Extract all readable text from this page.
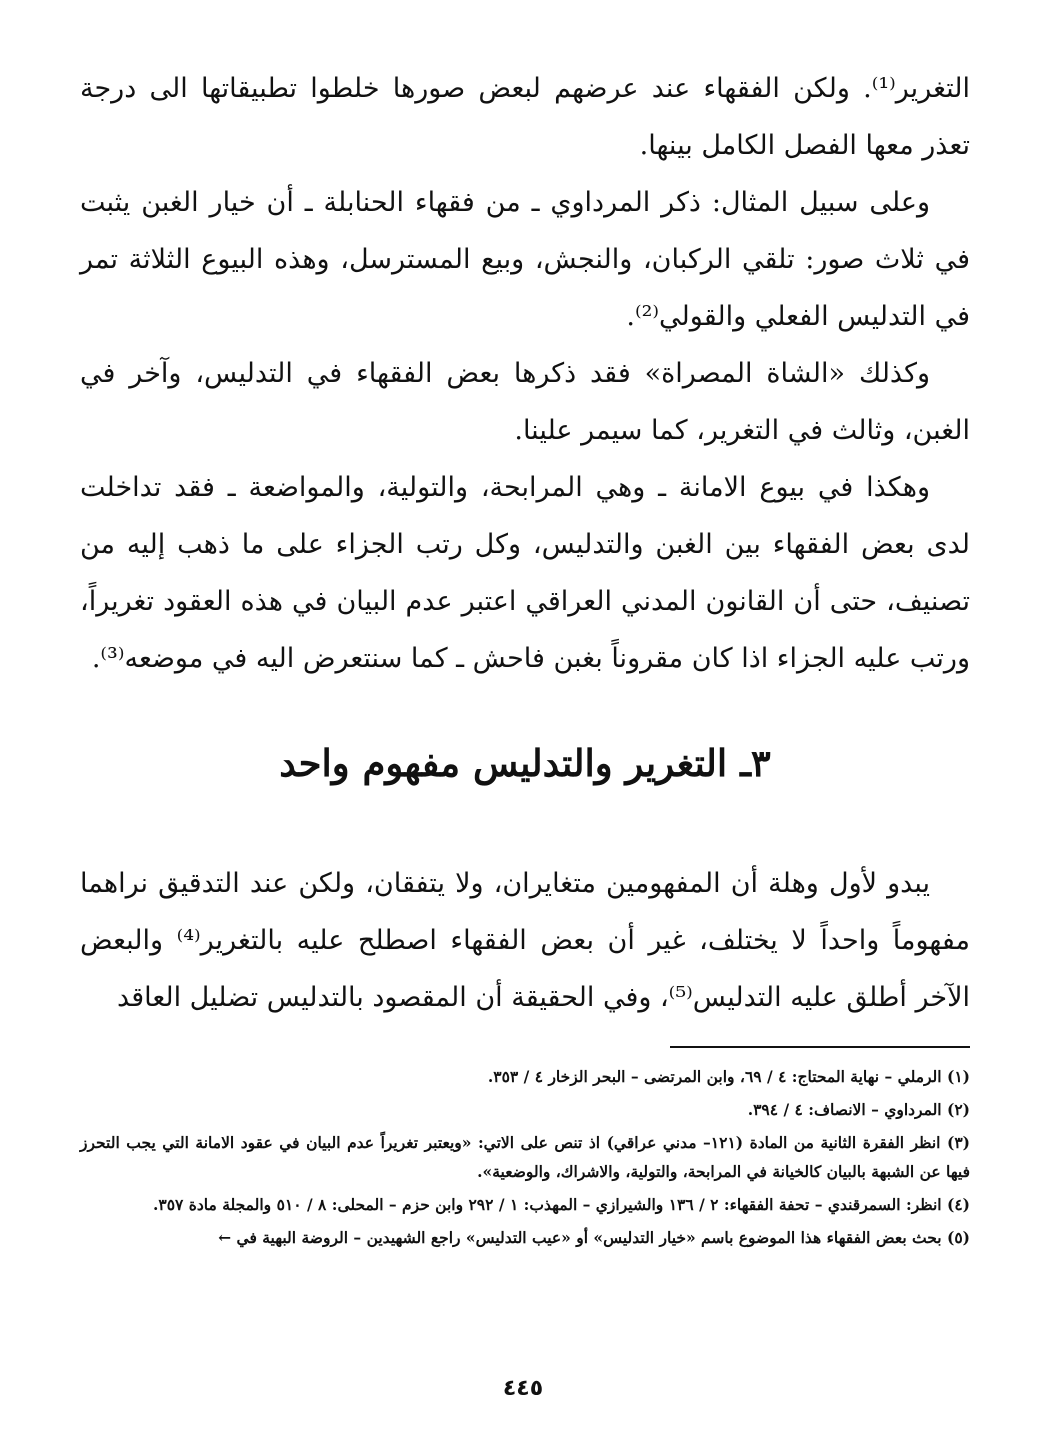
التغرير⁽¹⁾. ولكن الفقهاء عند عرضهم لبعض صورها خلطوا تطبيقاتها الى درجة تعذر معها الفصل الكامل بينها.

وعلى سبيل المثال: ذكر المرداوي ـ من فقهاء الحنابلة ـ أن خيار الغبن يثبت في ثلاث صور: تلقي الركبان، والنجش، وبيع المسترسل، وهذه البيوع الثلاثة تمر في التدليس الفعلي والقولي⁽²⁾.

وكذلك «الشاة المصراة» فقد ذكرها بعض الفقهاء في التدليس، وآخر في الغبن، وثالث في التغرير، كما سيمر علينا.

وهكذا في بيوع الامانة ـ وهي المرابحة، والتولية، والمواضعة ـ فقد تداخلت لدى بعض الفقهاء بين الغبن والتدليس، وكل رتب الجزاء على ما ذهب إليه من تصنيف، حتى أن القانون المدني العراقي اعتبر عدم البيان في هذه العقود تغريراً، ورتب عليه الجزاء اذا كان مقروناً بغبن فاحش ـ كما سنتعرض اليه في موضعه⁽³⁾.

٣ـ التغرير والتدليس مفهوم واحد

يبدو لأول وهلة أن المفهومين متغايران، ولا يتفقان، ولكن عند التدقيق نراهما مفهوماً واحداً لا يختلف، غير أن بعض الفقهاء اصطلح عليه بالتغرير⁽⁴⁾ والبعض الآخر أطلق عليه التدليس⁽⁵⁾، وفي الحقيقة أن المقصود بالتدليس تضليل العاقد

(١) الرملي – نهاية المحتاج: ٤ / ٦٩، وابن المرتضى – البحر الزخار ٤ / ٣٥٣.

(٢) المرداوي – الانصاف: ٤ / ٣٩٤.

(٣) انظر الفقرة الثانية من المادة (١٢١– مدني عراقي) اذ تنص على الاتي: «ويعتبر تغريراً عدم البيان في عقود الامانة التي يجب التحرز فيها عن الشبهة بالبيان كالخيانة في المرابحة، والتولية، والاشراك، والوضعية».

(٤) انظر: السمرقندي – تحفة الفقهاء: ٢ / ١٣٦ والشيرازي – المهذب: ١ / ٢٩٢ وابن حزم – المحلى: ٨ / ٥١٠ والمجلة مادة ٣٥٧.

(٥) بحث بعض الفقهاء هذا الموضوع باسم «خيار التدليس» أو «عيب التدليس» راجع الشهيدين – الروضة البهية في ←

٤٤٥
